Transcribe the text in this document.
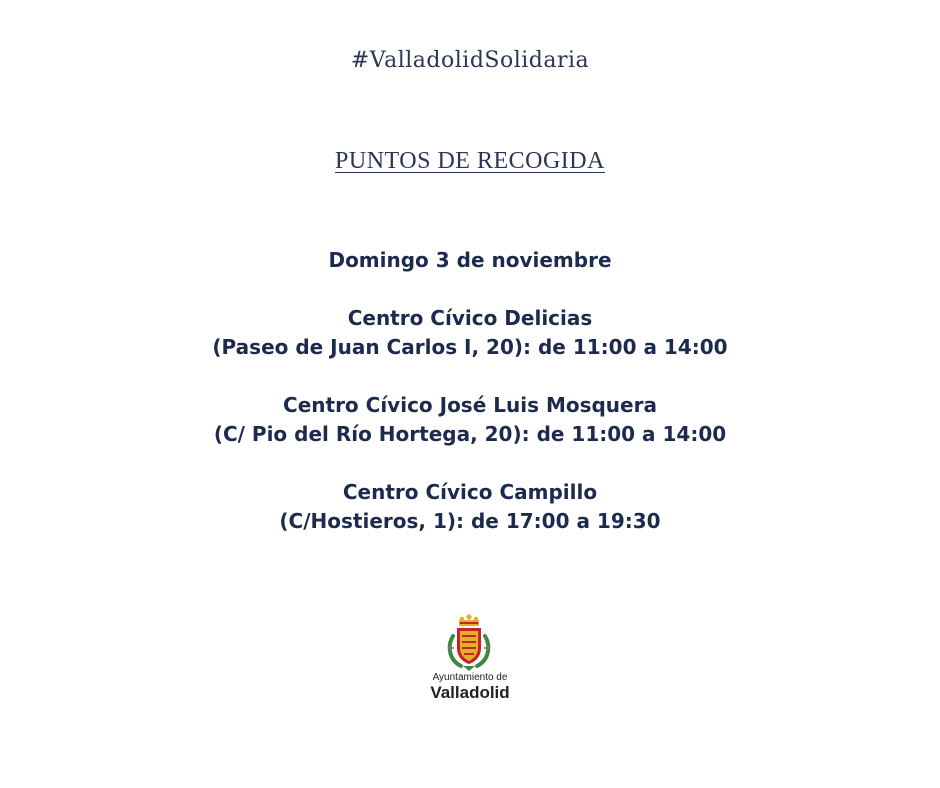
#ValladolidSolidaria
PUNTOS DE RECOGIDA
Domingo 3 de noviembre
Centro Cívico Delicias
(Paseo de Juan Carlos I, 20): de 11:00 a 14:00
Centro Cívico José Luis Mosquera
(C/ Pio del Río Hortega, 20): de 11:00 a 14:00
Centro Cívico Campillo
(C/Hostieros, 1): de 17:00 a 19:30
Ayuntamiento de
Valladolid
